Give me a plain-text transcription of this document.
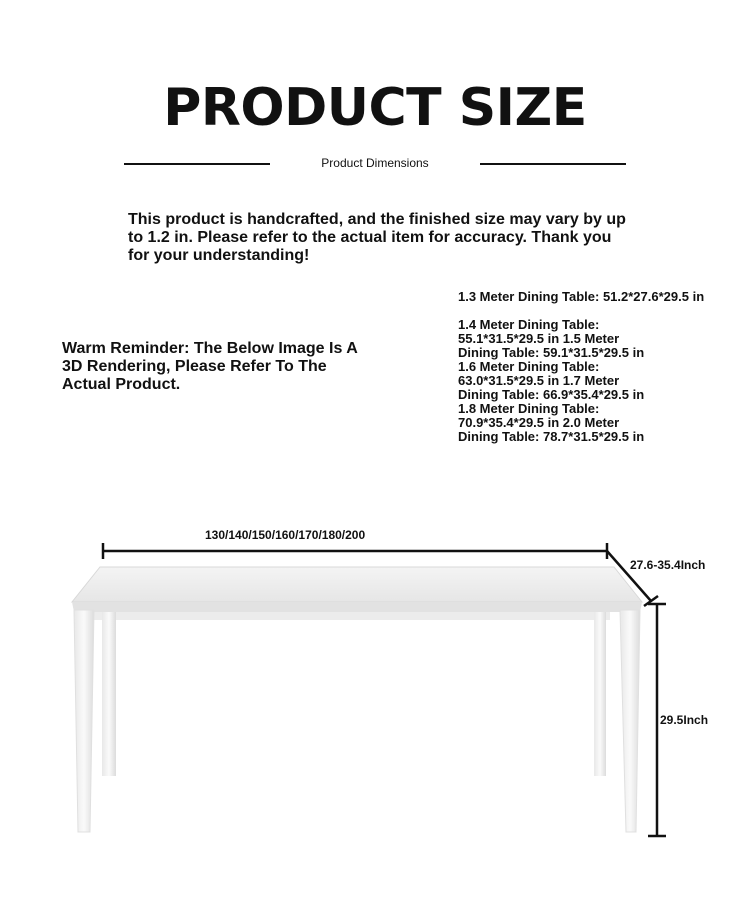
PRODUCT SIZE
Product Dimensions
This product is handcrafted, and the finished size may vary by up to 1.2 in. Please refer to the actual item for accuracy. Thank you for your understanding!
Warm Reminder: The Below Image Is A 3D Rendering, Please Refer To The Actual Product.
1.3 Meter Dining Table: 51.2*27.6*29.5 in
1.4 Meter Dining Table:
55.1*31.5*29.5 in 1.5 Meter
Dining Table: 59.1*31.5*29.5 in
1.6 Meter Dining Table:
63.0*31.5*29.5 in 1.7 Meter
Dining Table: 66.9*35.4*29.5 in
1.8 Meter Dining Table:
70.9*35.4*29.5 in 2.0 Meter
Dining Table: 78.7*31.5*29.5 in
130/140/150/160/170/180/200
27.6-35.4Inch
29.5Inch
